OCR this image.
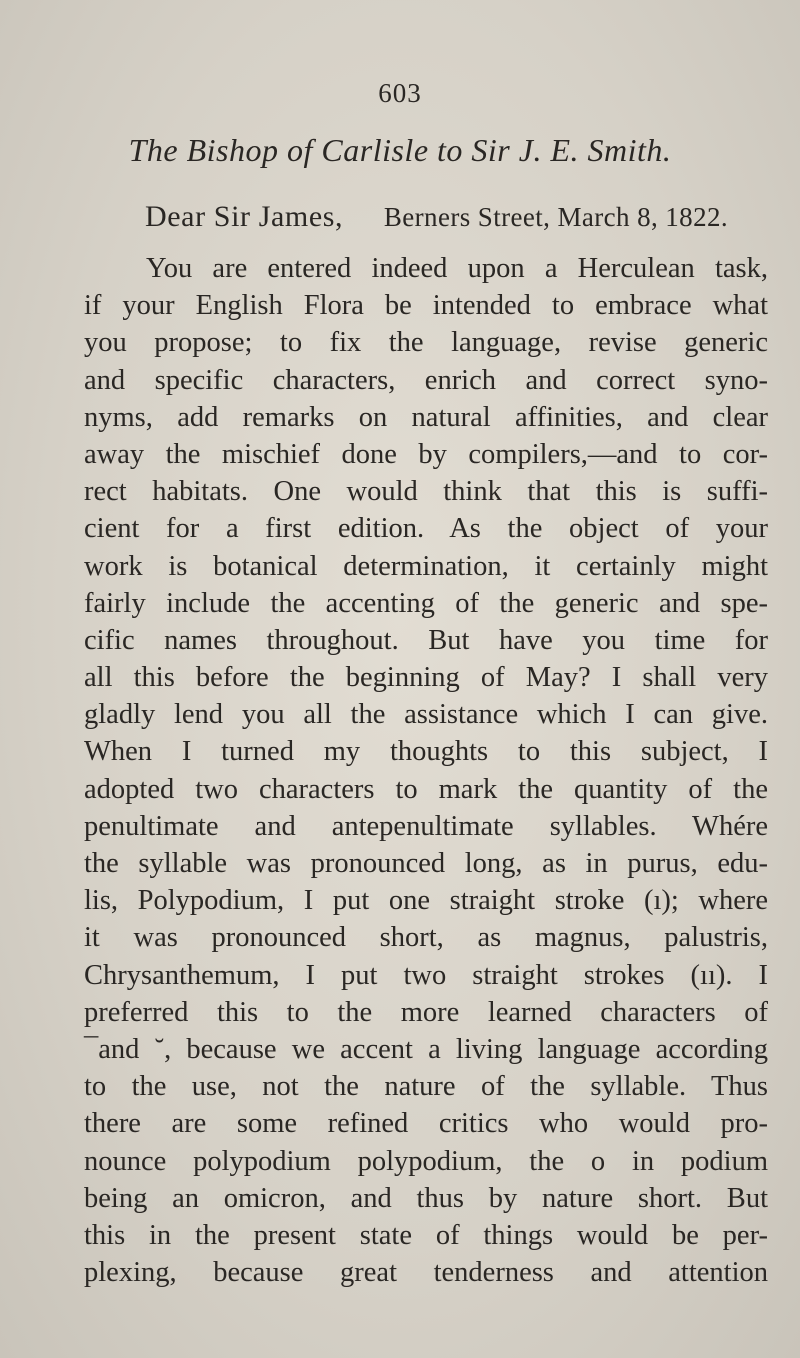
603
The Bishop of Carlisle to Sir J. E. Smith.
Dear Sir James, Berners Street, March 8, 1822.
You are entered indeed upon a Herculean task,
if your English Flora be intended to embrace what
you propose; to fix the language, revise generic
and specific characters, enrich and correct syno-
nyms, add remarks on natural affinities, and clear
away the mischief done by compilers,—and to cor-
rect habitats. One would think that this is suffi-
cient for a first edition. As the object of your
work is botanical determination, it certainly might
fairly include the accenting of the generic and spe-
cific names throughout. But have you time for
all this before the beginning of May? I shall very
gladly lend you all the assistance which I can give.
When I turned my thoughts to this subject, I
adopted two characters to mark the quantity of the
penultimate and antepenultimate syllables. Whére
the syllable was pronounced long, as in purus, edu-
lis, Polypodium, I put one straight stroke (ı); where
it was pronounced short, as magnus, palustris,
Chrysanthemum, I put two straight strokes (ıı). I
preferred this to the more learned characters of
¯and ˘, because we accent a living language according
to the use, not the nature of the syllable. Thus
there are some refined critics who would pro-
nounce polypodium polypodium, the o in podium
being an omicron, and thus by nature short. But
this in the present state of things would be per-
plexing, because great tenderness and attention
